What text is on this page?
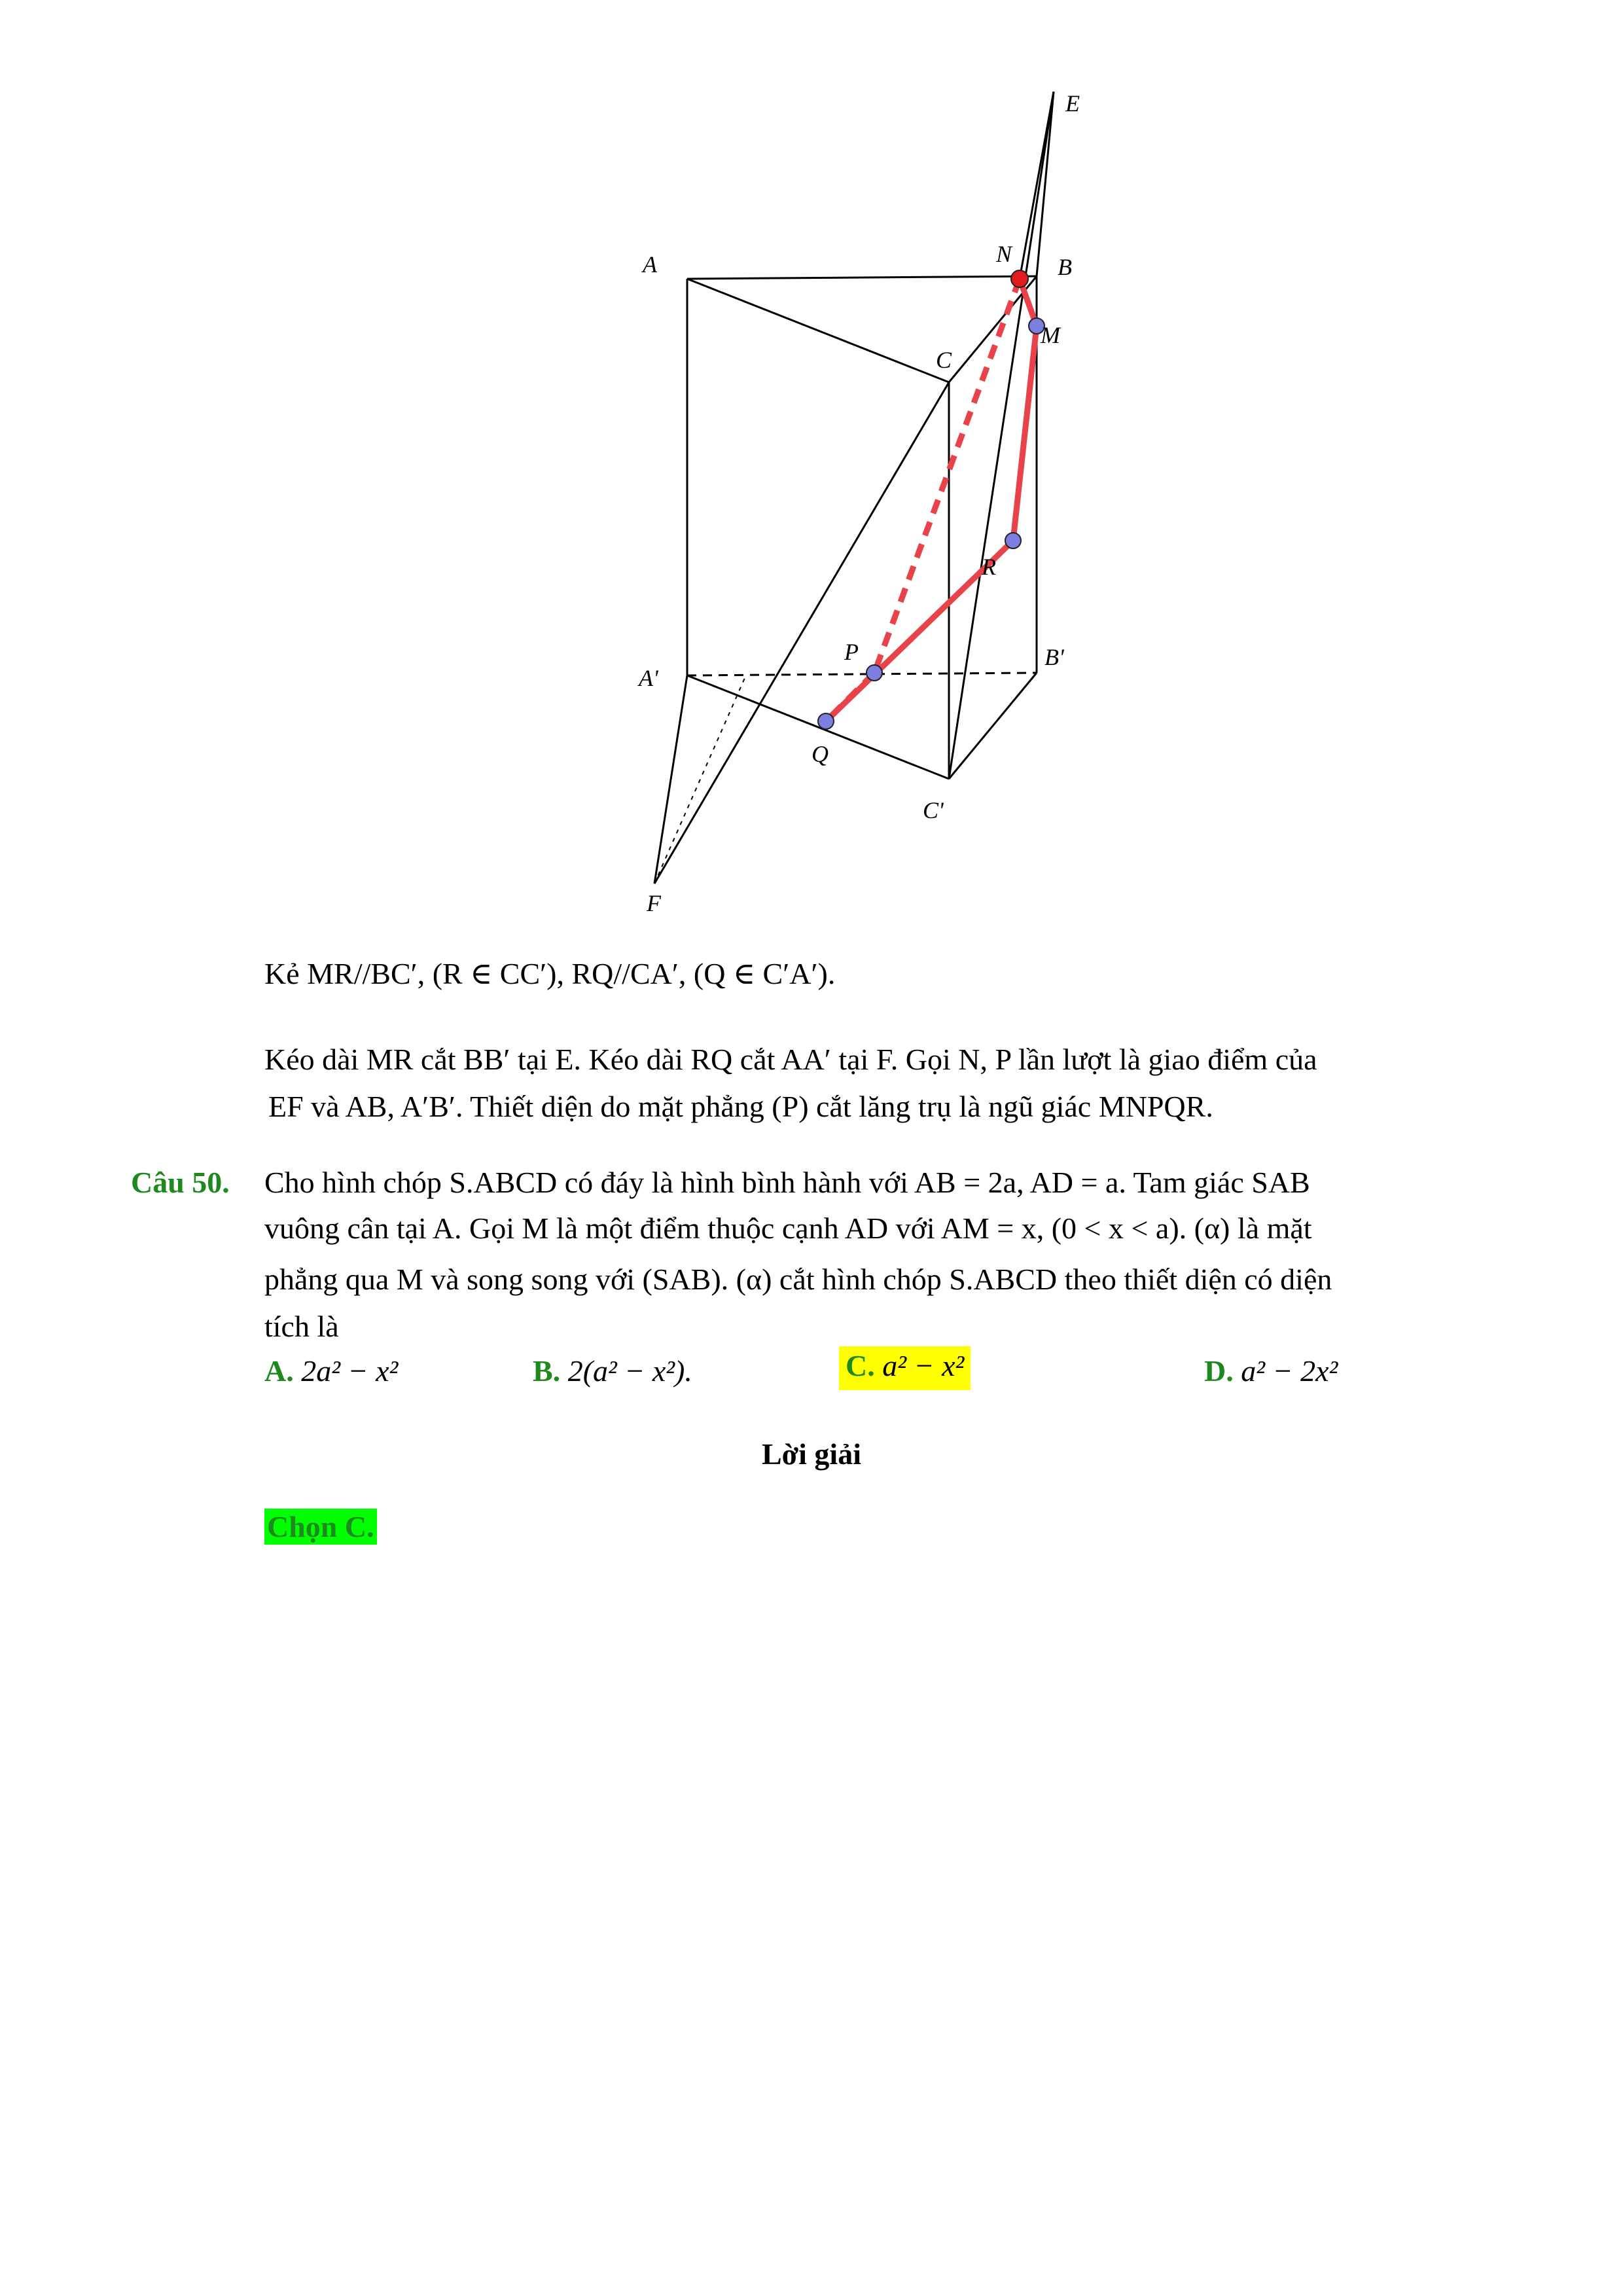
E
A	N B
C
M
R
P
A'
B'
Q
C'
F
Kẻ MR//BC′, (R ∈ CC′), RQ//CA′, (Q ∈ C′A′).
Kéo dài MR cắt BB′ tại E. Kéo dài RQ cắt AA′ tại F. Gọi N, P lần lượt là giao điểm của
EF và AB, A′B′. Thiết diện do mặt phẳng (P) cắt lăng trụ là ngũ giác MNPQR.
Câu 50. Cho hình chóp S.ABCD có đáy là hình bình hành với AB = 2a, AD = a. Tam giác SAB
vuông cân tại A. Gọi M là một điểm thuộc cạnh AD với AM = x, (0 < x < a). (α) là mặt
phẳng qua M và song song với (SAB). (α) cắt hình chóp S.ABCD theo thiết diện có diện
tích là
A. 2a² − x²	B. 2(a² − x²).	C. a² − x²	D. a² − 2x²
Lời giải
Chọn C.
